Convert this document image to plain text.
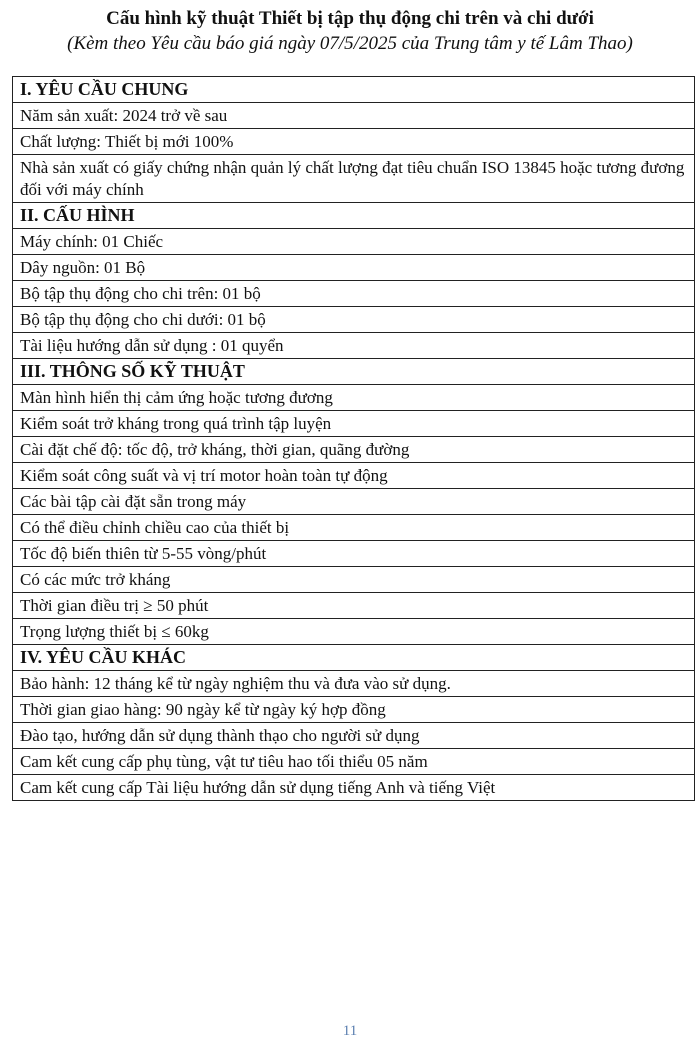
Cấu hình kỹ thuật Thiết bị tập thụ động chi trên và chi dưới
(Kèm theo Yêu cầu báo giá ngày 07/5/2025 của Trung tâm y tế Lâm Thao)
I. YÊU CẦU CHUNG
Năm sản xuất: 2024 trở về sau
Chất lượng: Thiết bị mới 100%
Nhà sản xuất có giấy chứng nhận quản lý chất lượng đạt tiêu chuẩn ISO 13845 hoặc tương đương đối với máy chính
II. CẤU HÌNH
Máy chính: 01 Chiếc
Dây nguồn: 01 Bộ
Bộ tập thụ động cho chi trên: 01 bộ
Bộ tập thụ động cho chi dưới: 01 bộ
Tài liệu hướng dẫn sử dụng : 01 quyển
III. THÔNG SỐ KỸ THUẬT
Màn hình hiển thị cảm ứng hoặc tương đương
Kiểm soát trở kháng trong quá trình tập luyện
Cài đặt chế độ: tốc độ, trở kháng, thời gian, quãng đường
Kiểm soát công suất và vị trí motor hoàn toàn tự động
Các bài tập cài đặt sẵn trong máy
Có thể điều chỉnh chiều cao của thiết bị
Tốc độ biến thiên từ 5-55 vòng/phút
Có các mức trở kháng
Thời gian điều trị ≥ 50 phút
Trọng lượng thiết bị ≤ 60kg
IV. YÊU CẦU KHÁC
Bảo hành: 12 tháng kể từ ngày nghiệm thu và đưa vào sử dụng.
Thời gian giao hàng: 90 ngày kể từ ngày ký hợp đồng
Đào tạo, hướng dẫn sử dụng thành thạo cho người sử dụng
Cam kết cung cấp phụ tùng, vật tư tiêu hao tối thiểu 05 năm
Cam kết cung cấp Tài liệu hướng dẫn sử dụng tiếng Anh và tiếng Việt
11
